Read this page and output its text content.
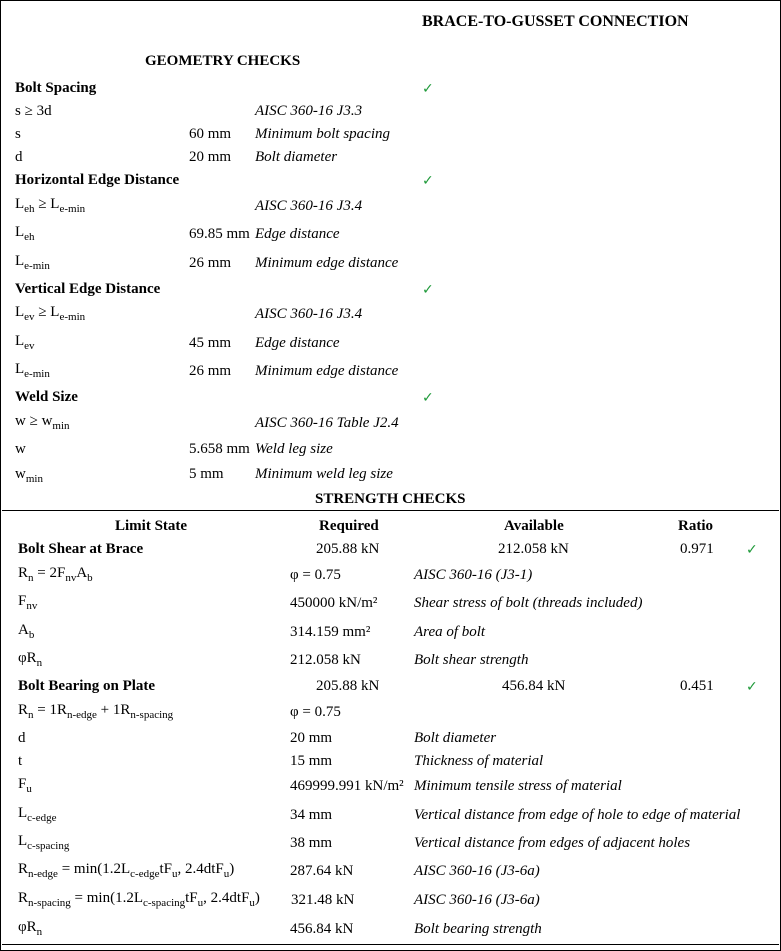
BRACE-TO-GUSSET CONNECTION
GEOMETRY CHECKS
Bolt Spacing	✓
s ≥ 3d	AISC 360-16 J3.3
s	60 mm Minimum bolt spacing
d	20 mm Bolt diameter
Horizontal Edge Distance	✓
$L_{eh} \ge L_{e-min}$	AISC 360-16 J3.4
$L_{eh}$	69.85 mm Edge distance
$L_{e-min}$	26 mm Minimum edge distance
Vertical Edge Distance	✓
$L_{ev} \ge L_{e-min}$	AISC 360-16 J3.4
$L_{ev}$	45 mm Edge distance
$L_{e-min}$	26 mm Minimum edge distance
Weld Size	✓
$w \ge w_{min}$	AISC 360-16 Table J2.4
w	5.658 mm Weld leg size
$w_{min}$	5 mm Minimum weld leg size
STRENGTH CHECKS
Limit State	Required	Available	Ratio
Bolt Shear at Brace	205.88 kN	212.058 kN	0.971 ✓
$R_n = 2F_{nv}A_b$	φ = 0.75	AISC 360-16 (J3-1)
$F_{nv}$	450000 kN/m² Shear stress of bolt (threads included)
$A_b$	314.159 mm²	Area of bolt
$\varphi R_n$	212.058 kN	Bolt shear strength
Bolt Bearing on Plate	205.88 kN	456.84 kN	0.451 ✓
$R_n = 1R_{n-edge} + 1R_{n-spacing}$	φ = 0.75
d	20 mm	Bolt diameter
t	15 mm	Thickness of material
$F_u$	469999.991 kN/m² Minimum tensile stress of material
$L_{c-edge}$	34 mm	Vertical distance from edge of hole to edge of material
$L_{c-spacing}$	38 mm	Vertical distance from edges of adjacent holes
$R_{n-edge} = \min(1.2L_{c-edge}tF_u$, 2.4dtF$_u$)	287.64 kN	AISC 360-16 (J3-6a)
$R_{n-spacing} = \min(1.2L_{c-spacing}tF_u$, 2.4dtF$_u$) 321.48 kN	AISC 360-16 (J3-6a)
$\varphi R_n$	456.84 kN	Bolt bearing strength
